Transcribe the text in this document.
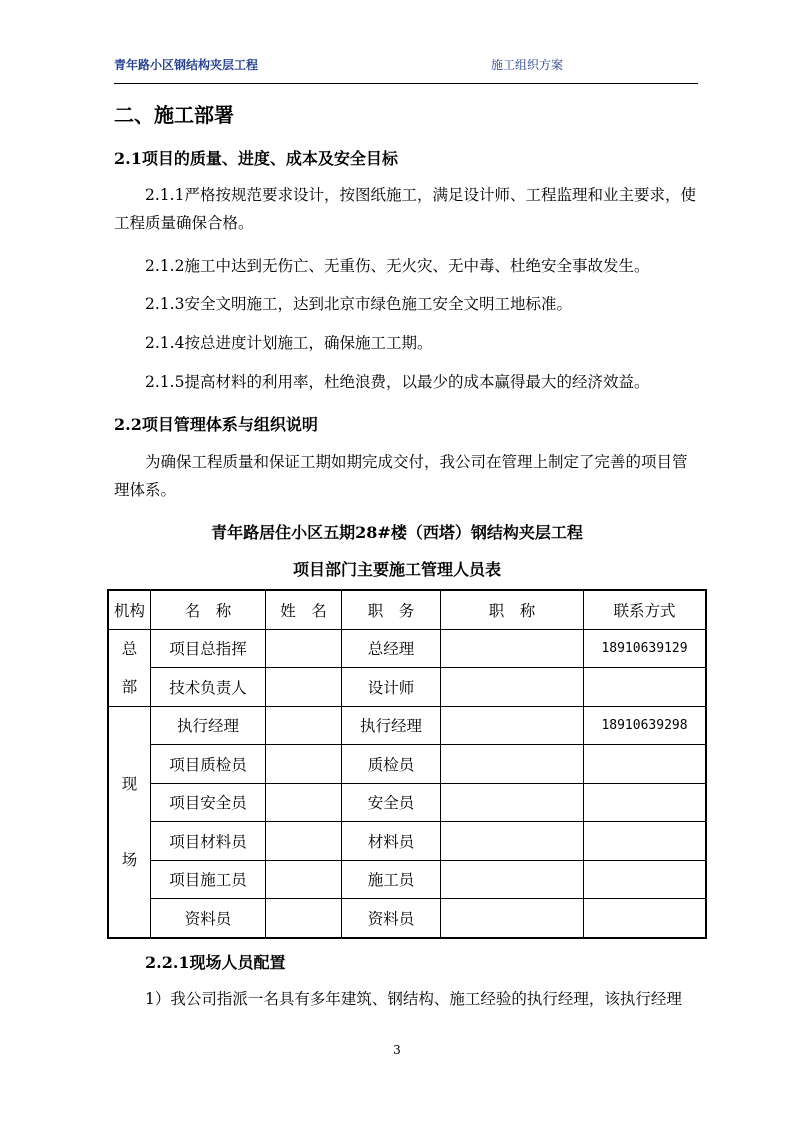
青年路小区钢结构夹层工程	施工组织方案
二、施工部署
2.1项目的质量、进度、成本及安全目标
2.1.1严格按规范要求设计，按图纸施工，满足设计师、工程监理和业主要求，使工程质量确保合格。
2.1.2施工中达到无伤亡、无重伤、无火灾、无中毒、杜绝安全事故发生。
2.1.3安全文明施工，达到北京市绿色施工安全文明工地标准。
2.1.4按总进度计划施工，确保施工工期。
2.1.5提高材料的利用率，杜绝浪费，以最少的成本赢得最大的经济效益。
2.2项目管理体系与组织说明
为确保工程质量和保证工期如期完成交付，我公司在管理上制定了完善的项目管理体系。
青年路居住小区五期28#楼（西塔）钢结构夹层工程
项目部门主要施工管理人员表
机构	名　称	姓　名	职　务	职　称	联系方式
总
部	项目总指挥		总经理		18910639129
	技术负责人		设计师		
现
场	执行经理		执行经理		18910639298
	项目质检员		质检员		
	项目安全员		安全员		
	项目材料员		材料员		
	项目施工员		施工员		
	资料员		资料员		
2.2.1现场人员配置
1）我公司指派一名具有多年建筑、钢结构、施工经验的执行经理，该执行经理
3
